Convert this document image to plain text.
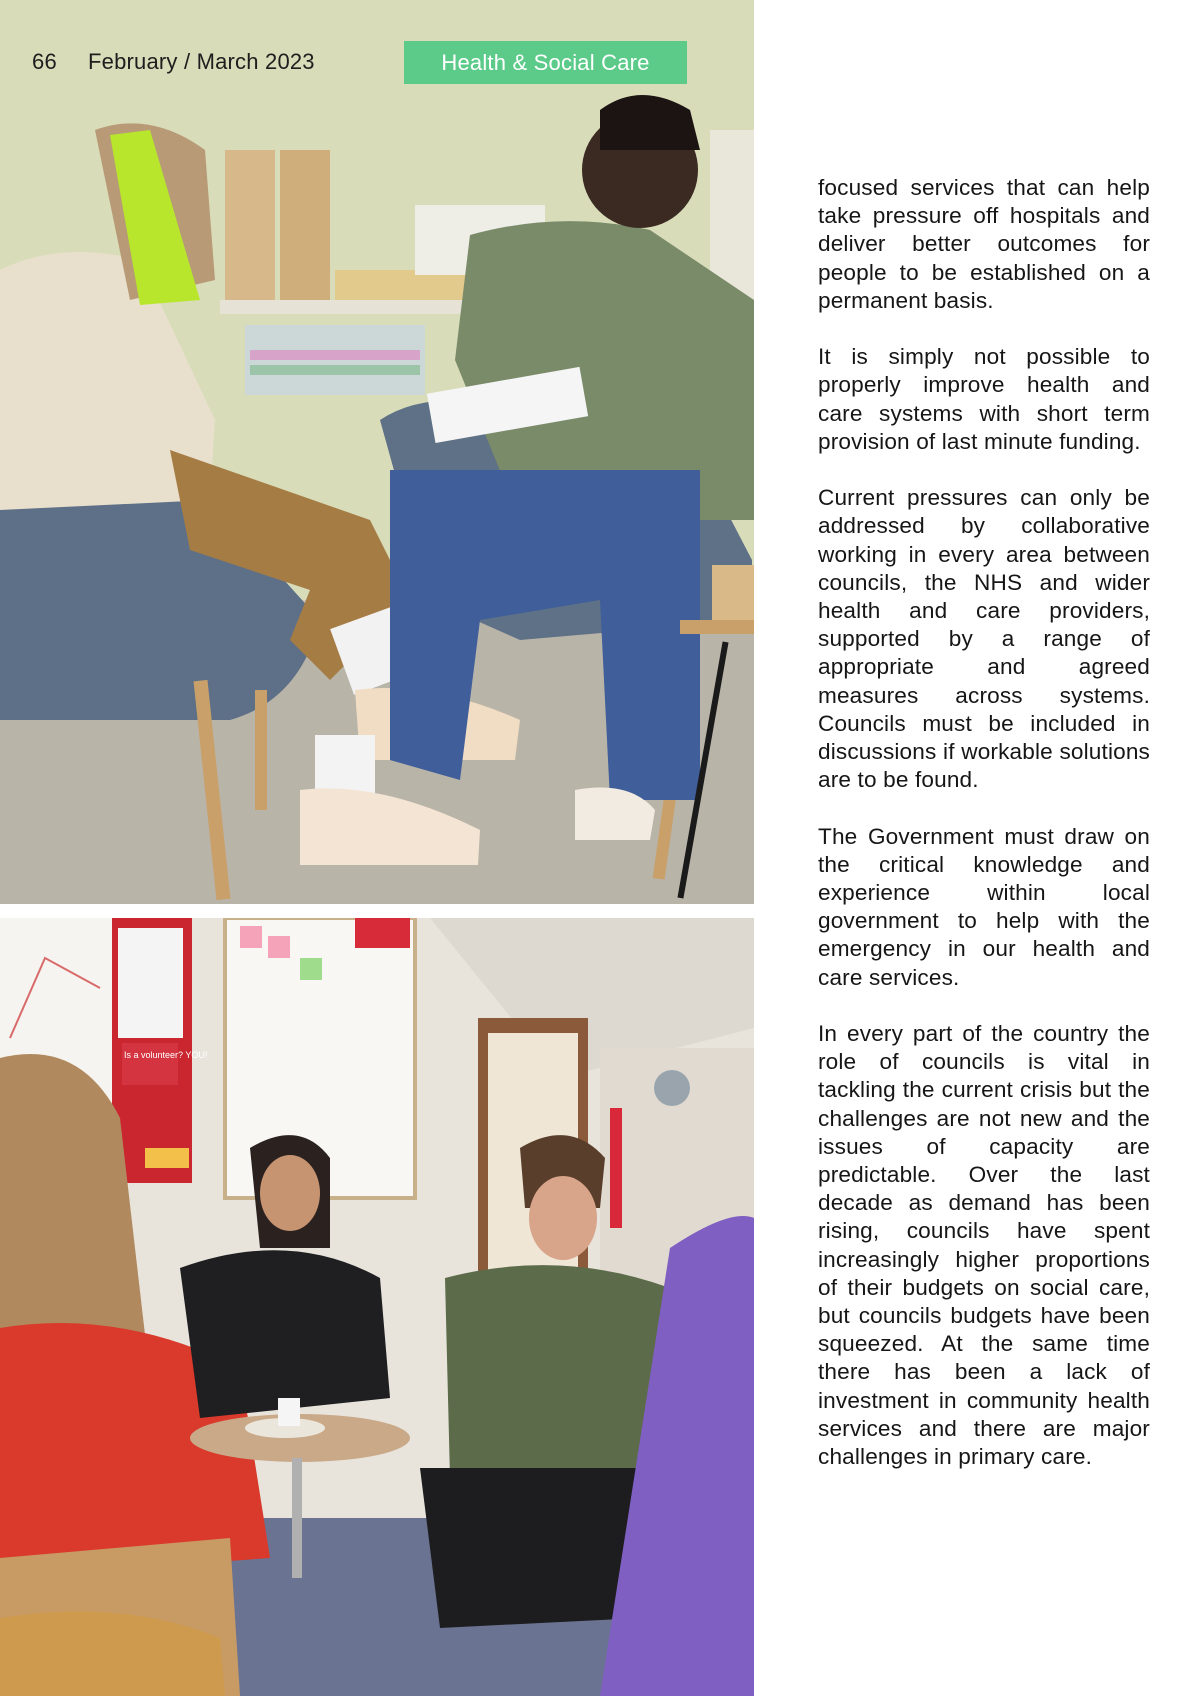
66 February / March 2023	Health & Social Care
Is a volunteer? YOU!

focused services that can help take pressure off hospitals and deliver better outcomes for people to be established on a permanent basis.

It is simply not possible to properly improve health and care systems with short term provision of last minute funding.

Current pressures can only be addressed by collaborative working in every area between councils, the NHS and wider health and care providers, supported by a range of appropriate and agreed measures across systems. Councils must be included in discussions if workable solutions are to be found.

The Government must draw on the critical knowledge and experience within local government to help with the emergency in our health and care services.

In every part of the country the role of councils is vital in tackling the current crisis but the challenges are not new and the issues of capacity are predictable. Over the last decade as demand has been rising, councils have spent increasingly higher proportions of their budgets on social care, but councils budgets have been squeezed. At the same time there has been a lack of investment in community health services and there are major challenges in primary care.
